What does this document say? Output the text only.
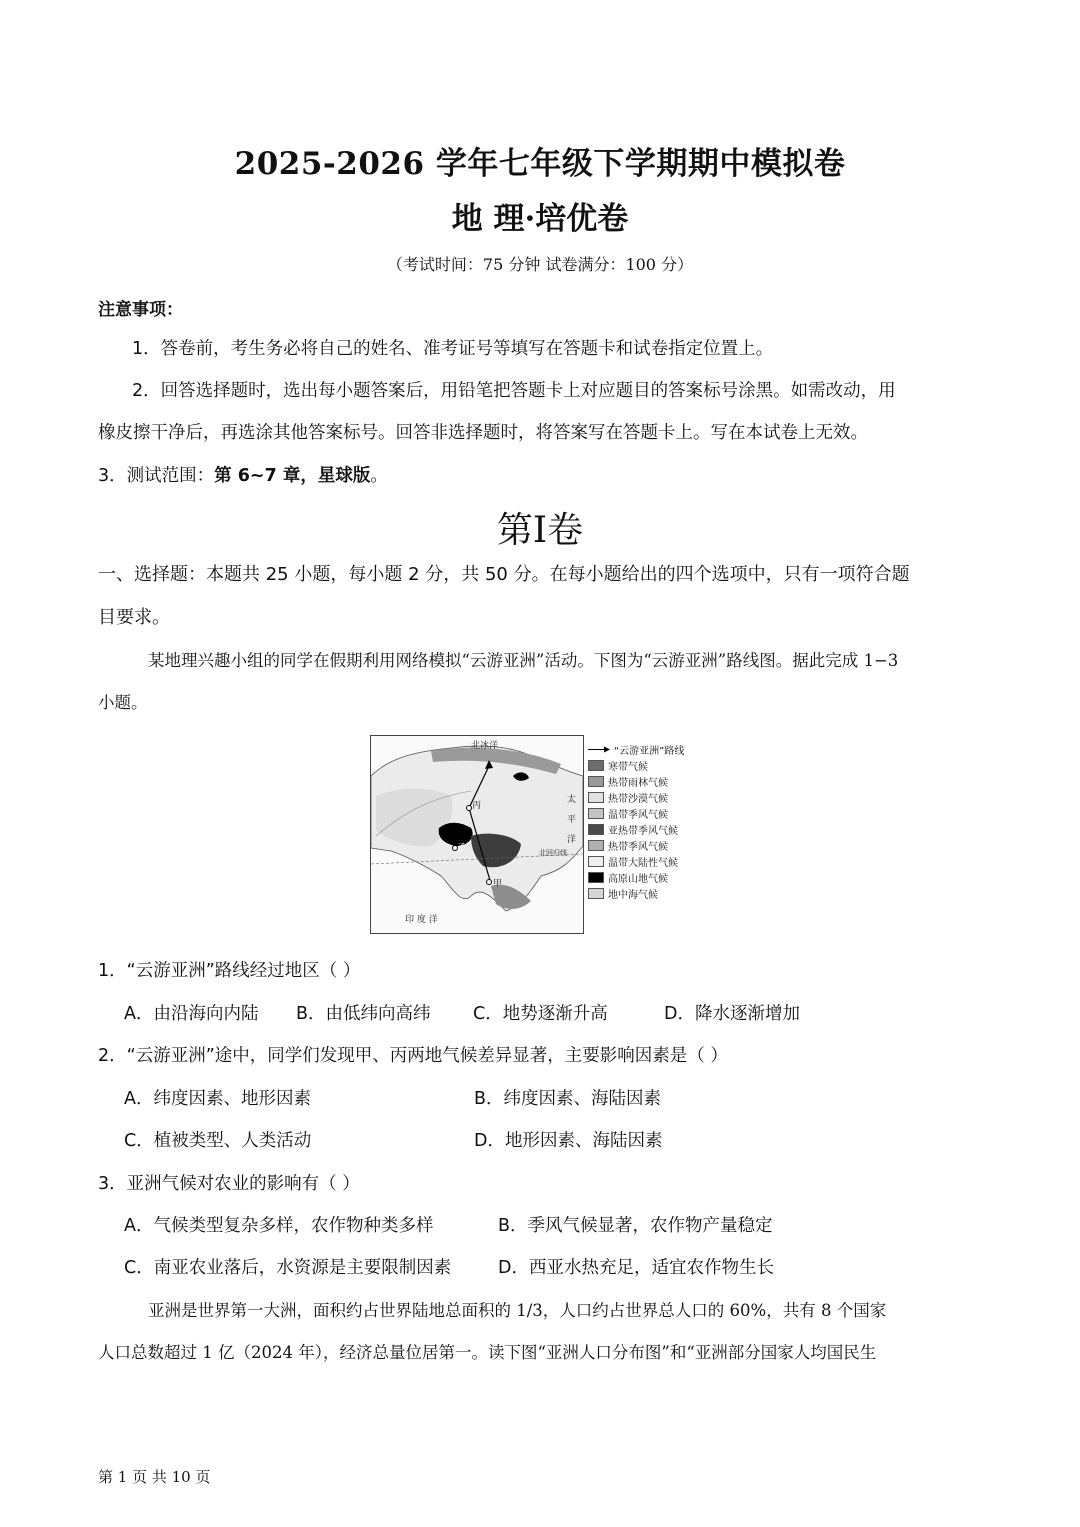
2025-2026 学年七年级下学期期中模拟卷
地 理·培优卷
（考试时间：75 分钟 试卷满分：100 分）
注意事项：
1．答卷前，考生务必将自己的姓名、准考证号等填写在答题卡和试卷指定位置上。
2．回答选择题时，选出每小题答案后，用铅笔把答题卡上对应题目的答案标号涂黑。如需改动，用
橡皮擦干净后，再选涂其他答案标号。回答非选择题时，将答案写在答题卡上。写在本试卷上无效。
3．测试范围：第 6~7 章，星球版。
第I卷
一、选择题：本题共 25 小题，每小题 2 分，共 50 分。在每小题给出的四个选项中，只有一项符合题
目要求。
某地理兴趣小组的同学在假期利用网络模拟“云游亚洲”活动。下图为“云游亚洲”路线图。据此完成 1−3
小题。
北冰洋
丙
乙
甲
北回归线
印 度 洋
太
平
洋
“云游亚洲”路线
寒带气候
热带雨林气候
热带沙漠气候
温带季风气候
亚热带季风气候
热带季风气候
温带大陆性气候
高原山地气候
地中海气候
1．“云游亚洲”路线经过地区（ ）
A．由沿海向内陆 B．由低纬向高纬 C．地势逐渐升高	D．降水逐渐增加
2．“云游亚洲”途中，同学们发现甲、丙两地气候差异显著，主要影响因素是（ ）
A．纬度因素、地形因素	B．纬度因素、海陆因素
C．植被类型、人类活动	D．地形因素、海陆因素
3．亚洲气候对农业的影响有（ ）
A．气候类型复杂多样，农作物种类多样	B．季风气候显著，农作物产量稳定
C．南亚农业落后，水资源是主要限制因素	D．西亚水热充足，适宜农作物生长
亚洲是世界第一大洲，面积约占世界陆地总面积的 1/3，人口约占世界总人口的 60%，共有 8 个国家
人口总数超过 1 亿（2024 年），经济总量位居第一。读下图“亚洲人口分布图”和“亚洲部分国家人均国民生
第 1 页 共 10 页
